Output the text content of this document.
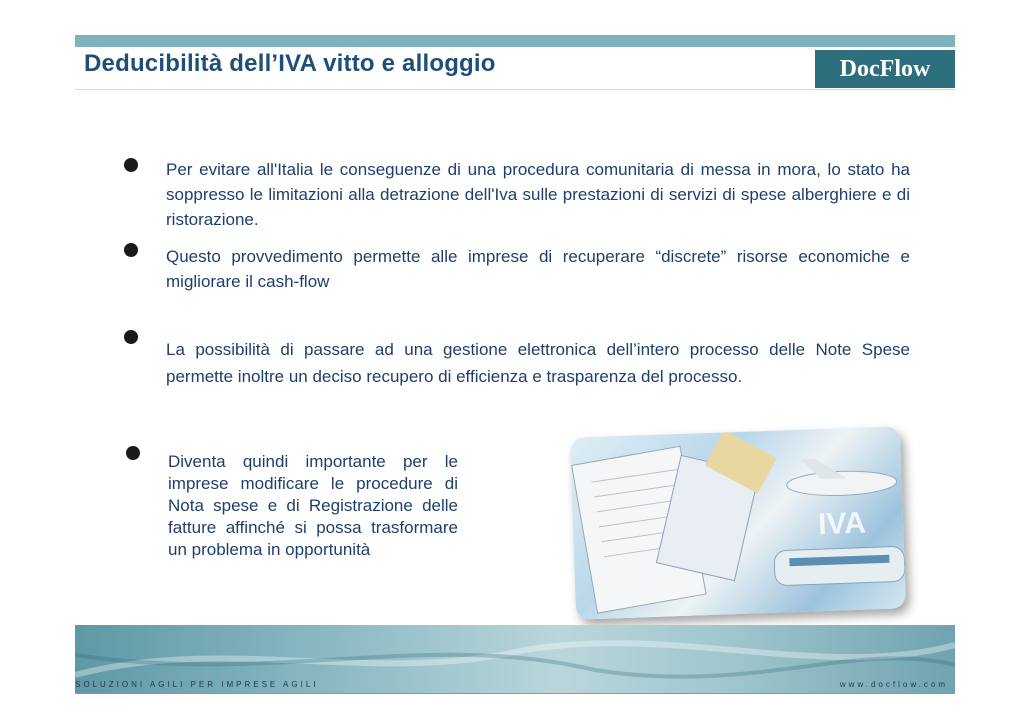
Deducibilità dell’IVA vitto e alloggio	DocFlow
Per evitare all'Italia le conseguenze di una procedura comunitaria di messa in mora, lo stato ha soppresso le limitazioni alla detrazione dell'Iva sulle prestazioni di servizi di spese alberghiere e di ristorazione.
Questo provvedimento permette alle imprese di recuperare “discrete” risorse economiche e migliorare il cash-flow
La possibilità di passare ad una gestione elettronica dell’intero processo delle Note Spese permette inoltre un deciso recupero di efficienza e trasparenza del processo.
Diventa quindi importante per le imprese modificare le procedure di Nota spese e di Registrazione delle fatture affinché si possa trasformare un problema in opportunità
IVA
SOLUZIONI AGILI PER IMPRESE AGILI	www.docflow.com
